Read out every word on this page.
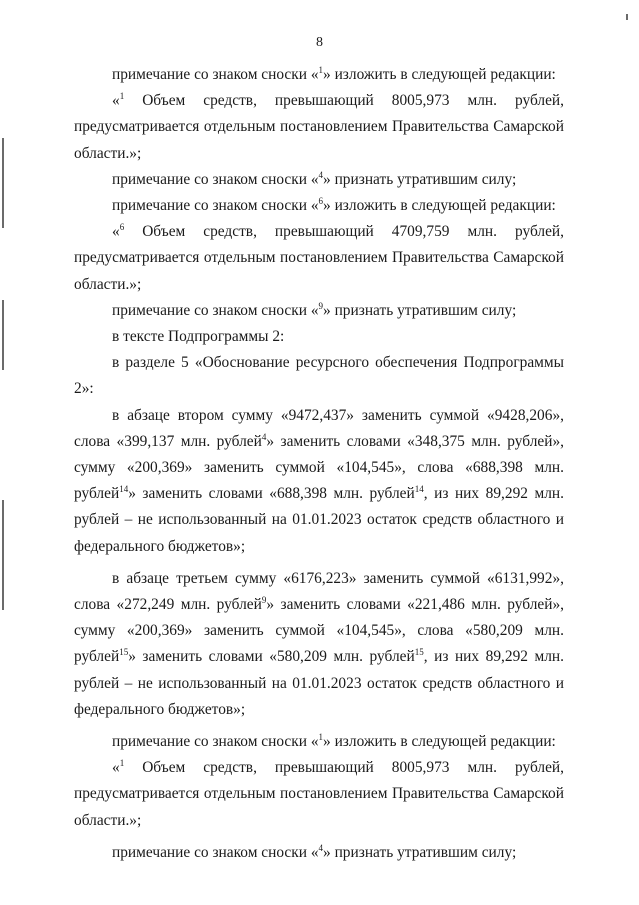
8

примечание со знаком сноски «$^1$» изложить в следующей редакции:

«$^1$ Объем средств, превышающий 8005,973 млн. рублей, предусматривается отдельным постановлением Правительства Самарской области.»;

примечание со знаком сноски «$^4$» признать утратившим силу;

примечание со знаком сноски «$^6$» изложить в следующей редакции:

«$^6$ Объем средств, превышающий 4709,759 млн. рублей, предусматривается отдельным постановлением Правительства Самарской области.»;

примечание со знаком сноски «$^9$» признать утратившим силу;

в тексте Подпрограммы 2:

в разделе 5 «Обоснование ресурсного обеспечения Подпрограммы 2»:

в абзаце втором сумму «9472,437» заменить суммой «9428,206», слова «399,137 млн. рублей$^4$» заменить словами «348,375 млн. рублей», сумму «200,369» заменить суммой «104,545», слова «688,398 млн. рублей$^{14}$» заменить словами «688,398 млн. рублей$^{14}$, из них 89,292 млн. рублей – не использованный на 01.01.2023 остаток средств областного и федерального бюджетов»;

в абзаце третьем сумму «6176,223» заменить суммой «6131,992», слова «272,249 млн. рублей$^9$» заменить словами «221,486 млн. рублей», сумму «200,369» заменить суммой «104,545», слова «580,209 млн. рублей$^{15}$» заменить словами «580,209 млн. рублей$^{15}$, из них 89,292 млн. рублей – не использованный на 01.01.2023 остаток средств областного и федерального бюджетов»;

примечание со знаком сноски «$^1$» изложить в следующей редакции:

«$^1$ Объем средств, превышающий 8005,973 млн. рублей, предусматривается отдельным постановлением Правительства Самарской области.»;

примечание со знаком сноски «$^4$» признать утратившим силу;
